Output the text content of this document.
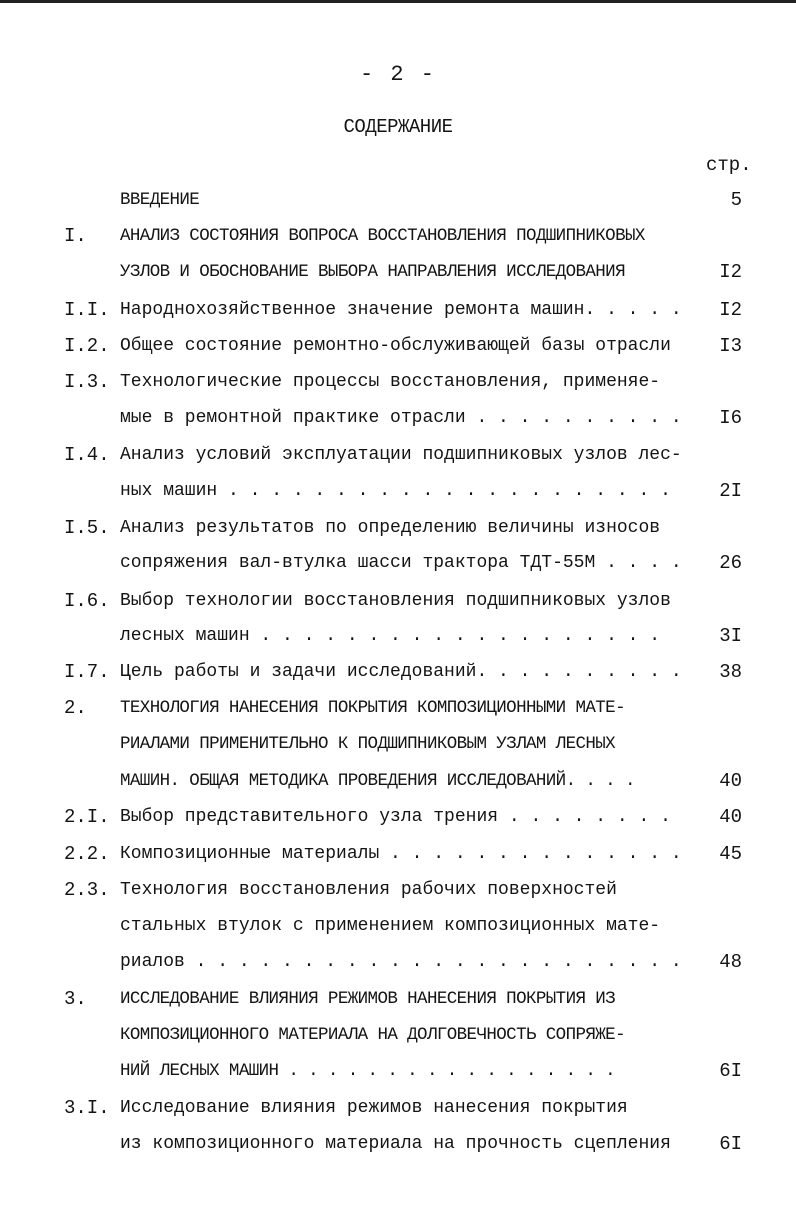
- 2 -
СОДЕРЖАНИЕ
стр.
ВВЕДЕНИЕ	5
I. АНАЛИЗ СОСТОЯНИЯ ВОПРОСА ВОССТАНОВЛЕНИЯ ПОДШИПНИКОВЫХ
УЗЛОВ И ОБОСНОВАНИЕ ВЫБОРА НАПРАВЛЕНИЯ ИССЛЕДОВАНИЯ	I2
I.I. Народнохозяйственное значение ремонта машин. . . . .	I2
I.2. Общее состояние ремонтно-обслуживающей базы отрасли	I3
I.3. Технологические процессы восстановления, применяе-
мые в ремонтной практике отрасли . . . . . . . . . .	I6
I.4. Анализ условий эксплуатации подшипниковых узлов лес-
ных машин . . . . . . . . . . . . . . . . . . . . .	2I
I.5. Анализ результатов по определению величины износов
сопряжения вал-втулка шасси трактора ТДТ-55М . . . .	26
I.6. Выбор технологии восстановления подшипниковых узлов
лесных машин . . . . . . . . . . . . . . . . . . .	3I
I.7. Цель работы и задачи исследований. . . . . . . . . .	38
2. ТЕХНОЛОГИЯ НАНЕСЕНИЯ ПОКРЫТИЯ КОМПОЗИЦИОННЫМИ МАТЕ-
РИАЛАМИ ПРИМЕНИТЕЛЬНО К ПОДШИПНИКОВЫМ УЗЛАМ ЛЕСНЫХ
МАШИН. ОБЩАЯ МЕТОДИКА ПРОВЕДЕНИЯ ИССЛЕДОВАНИЙ. . . .	40
2.I. Выбор представительного узла трения . . . . . . . .	40
2.2. Композиционные материалы . . . . . . . . . . . . . .	45
2.3. Технология восстановления рабочих поверхностей
стальных втулок с применением композиционных мате-
риалов . . . . . . . . . . . . . . . . . . . . . . .	48
3. ИССЛЕДОВАНИЕ ВЛИЯНИЯ РЕЖИМОВ НАНЕСЕНИЯ ПОКРЫТИЯ ИЗ
КОМПОЗИЦИОННОГО МАТЕРИАЛА НА ДОЛГОВЕЧНОСТЬ СОПРЯЖЕ-
НИЙ ЛЕСНЫХ МАШИН . . . . . . . . . . . . . . . . .	6I
3.I. Исследование влияния режимов нанесения покрытия
из композиционного материала на прочность сцепления	6I
